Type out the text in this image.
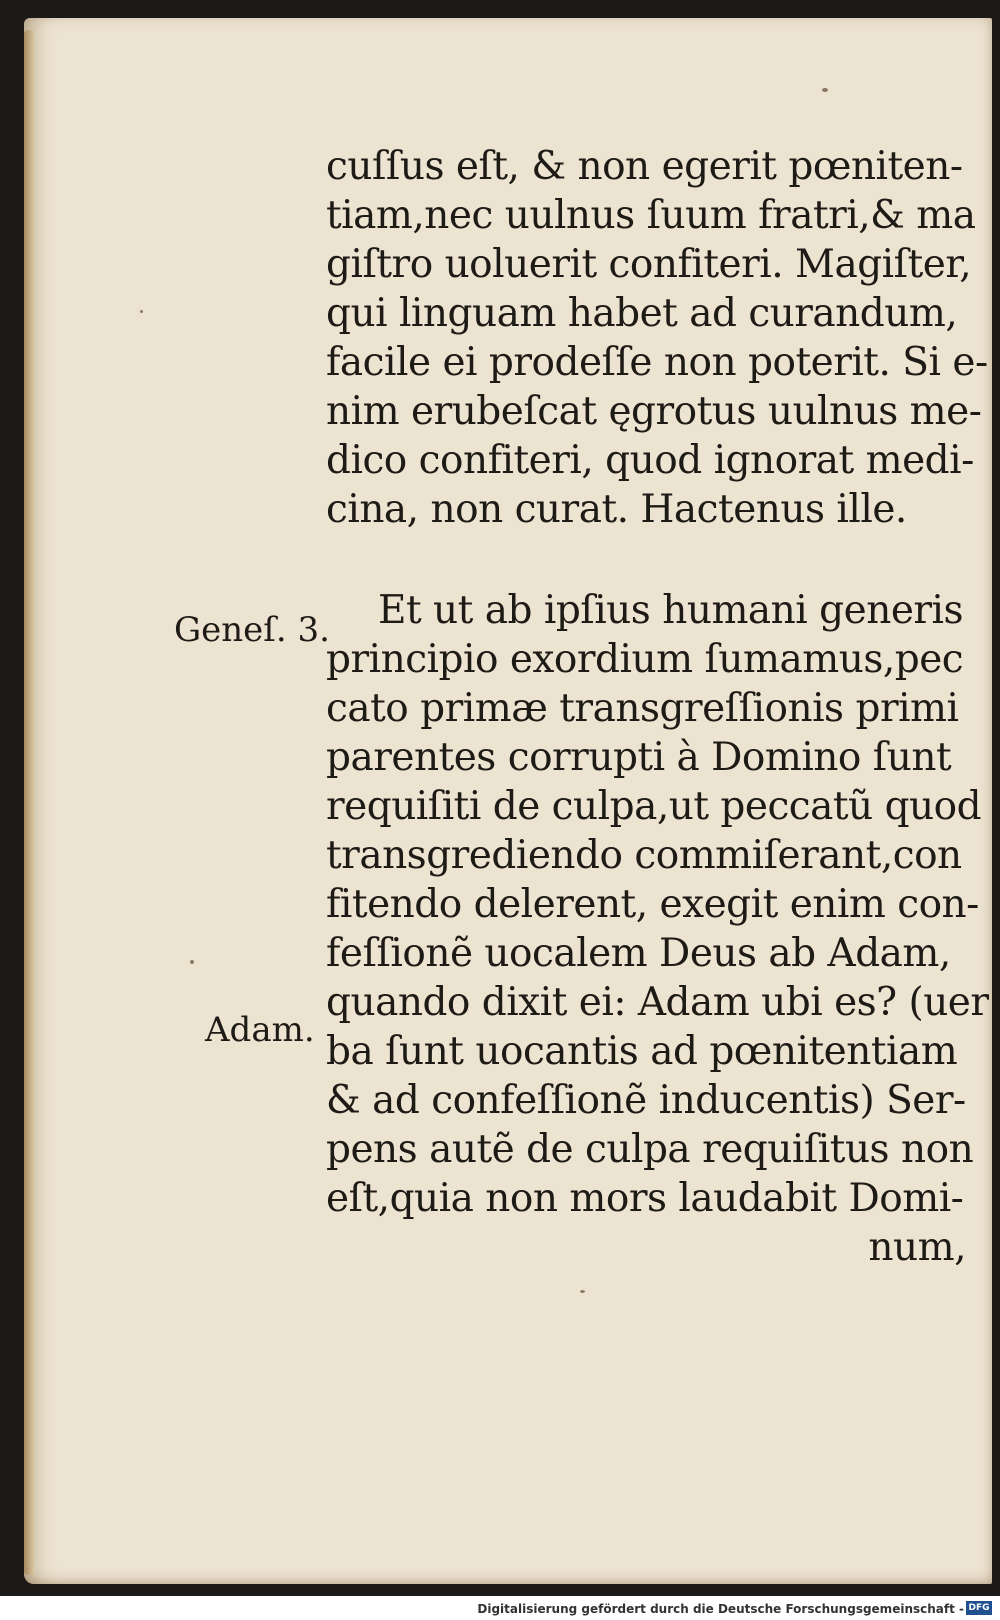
Geneſ. 3.
Adam.
cuſſus eſt, & non egerit pœniten-
tiam,nec uulnus ſuum fratri,& ma
giſtro uoluerit confiteri. Magiſter,
qui linguam habet ad curandum,
facile ei prodeſſe non poterit. Si e-
nim erubeſcat ęgrotus uulnus me-
dico confiteri, quod ignorat medi-
cina, non curat. Hactenus ille.
Et ut ab ipſius humani generis
principio exordium ſumamus,pec
cato primæ transgreſſionis primi
parentes corrupti à Domino ſunt
requiſiti de culpa,ut peccatũ quod
transgrediendo commiſerant,con
fitendo delerent, exegit enim con-
feſſionẽ uocalem Deus ab Adam,
quando dixit ei: Adam ubi es? (uer
ba ſunt uocantis ad pœnitentiam
& ad confeſſionẽ inducentis) Ser-
pens autẽ de culpa requiſitus non
eſt,quia non mors laudabit Domi-
num,
Digitalisierung gefördert durch die Deutsche Forschungsgemeinschaft - DFG
